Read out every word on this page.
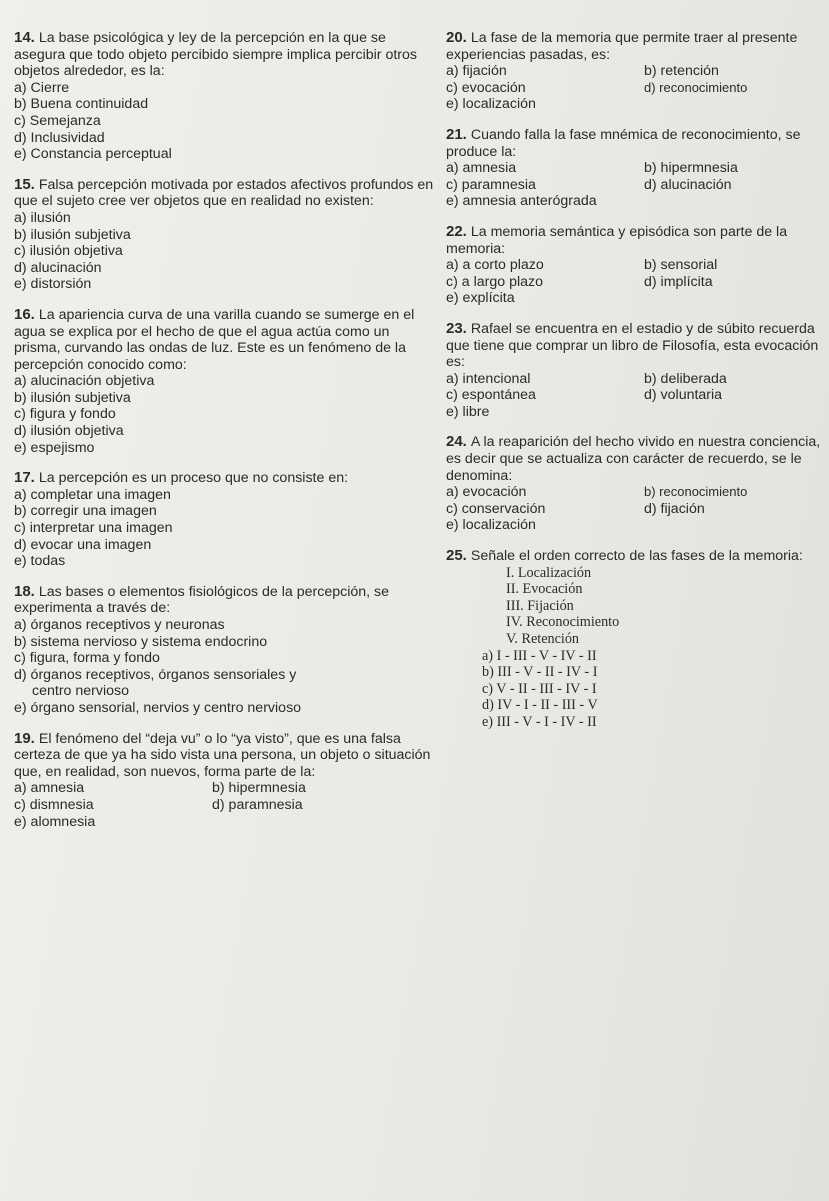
14. La base psicológica y ley de la percepción en la que se asegura que todo objeto percibido siempre implica percibir otros objetos alrededor, es la:
a) Cierre
b) Buena continuidad
c) Semejanza
d) Inclusividad
e) Constancia perceptual
15. Falsa percepción motivada por estados afectivos profundos en que el sujeto cree ver objetos que en realidad no existen:
a) ilusión
b) ilusión subjetiva
c) ilusión objetiva
d) alucinación
e) distorsión
16. La apariencia curva de una varilla cuando se sumerge en el agua se explica por el hecho de que el agua actúa como un prisma, curvando las ondas de luz. Este es un fenómeno de la percepción conocido como:
a) alucinación objetiva
b) ilusión subjetiva
c) figura y fondo
d) ilusión objetiva
e) espejismo
17. La percepción es un proceso que no consiste en:
a) completar una imagen
b) corregir una imagen
c) interpretar una imagen
d) evocar una imagen
e) todas
18. Las bases o elementos fisiológicos de la percepción, se experimenta a través de:
a) órganos receptivos y neuronas
b) sistema nervioso y sistema endocrino
c) figura, forma y fondo
d) órganos receptivos, órganos sensoriales y
centro nervioso
e) órgano sensorial, nervios y centro nervioso
19. El fenómeno del “deja vu” o lo “ya visto”, que es una falsa certeza de que ya ha sido vista una persona, un objeto o situación que, en realidad, son nuevos, forma parte de la:
a) amnesia	b) hipermnesia
c) dismnesia	d) paramnesia
e) alomnesia
20. La fase de la memoria que permite traer al presente experiencias pasadas, es:
a) fijación	b) retención
c) evocación	d) reconocimiento
e) localización
21. Cuando falla la fase mnémica de reconocimiento, se produce la:
a) amnesia	b) hipermnesia
c) paramnesia	d) alucinación
e) amnesia anterógrada
22. La memoria semántica y episódica son parte de la memoria:
a) a corto plazo	b) sensorial
c) a largo plazo	d) implícita
e) explícita
23. Rafael se encuentra en el estadio y de súbito recuerda que tiene que comprar un libro de Filosofía, esta evocación es:
a) intencional	b) deliberada
c) espontánea	d) voluntaria
e) libre
24. A la reaparición del hecho vivido en nuestra conciencia, es decir que se actualiza con carácter de recuerdo, se le denomina:
a) evocación	b) reconocimiento
c) conservación	d) fijación
e) localización
25. Señale el orden correcto de las fases de la memoria:
I. Localización
II. Evocación
III. Fijación
IV. Reconocimiento
V. Retención
a) I - III - V - IV - II
b) III - V - II - IV - I
c) V - II - III - IV - I
d) IV - I - II - III - V
e) III - V - I - IV - II
